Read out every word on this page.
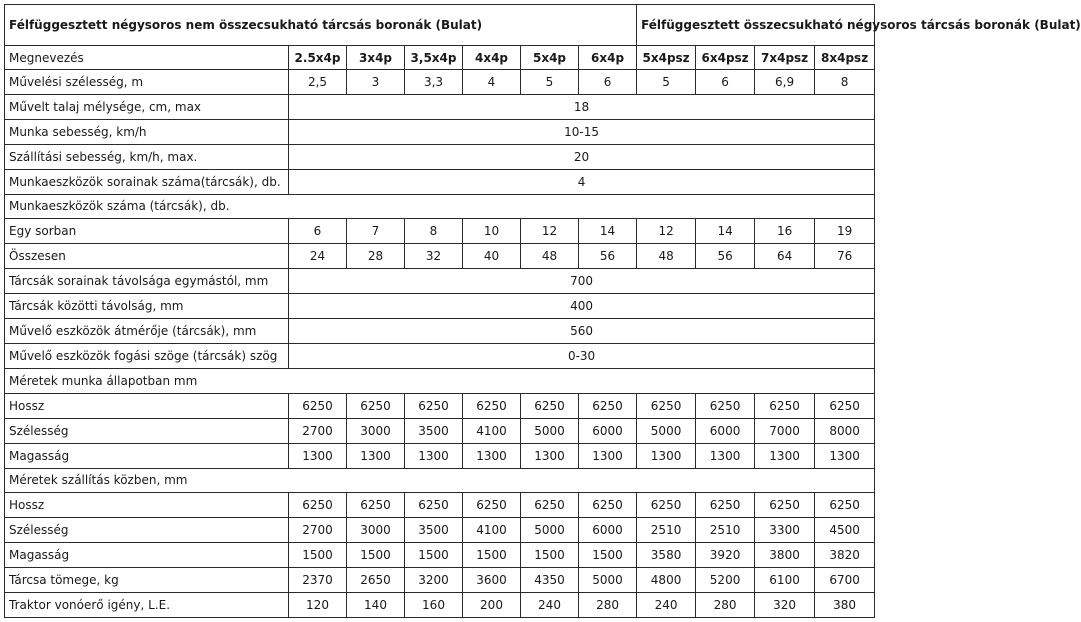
Félfüggesztett négysoros nem összecsukható tárcsás boronák (Bulat)							Félfüggesztett összecsukható négysoros tárcsás boronák (Bulat)			
Megnevezés	2.5x4p	3x4p	3,5x4p	4x4p	5x4p	6x4p	5x4psz	6x4psz	7x4psz	8x4psz
Művelési szélesség, m	2,5	3	3,3	4	5	6	5	6	6,9	8
Művelt talaj mélysége, cm, max	18									
Munka sebesség, km/h	10-15									
Szállítási sebesség, km/h, max.	20									
Munkaeszközök sorainak száma(tárcsák), db.	4									
Munkaeszközök száma (tárcsák), db.										
Egy sorban	6	7	8	10	12	14	12	14	16	19
Összesen	24	28	32	40	48	56	48	56	64	76
Tárcsák sorainak távolsága egymástól, mm	700									
Tárcsák közötti távolság, mm	400									
Művelő eszközök átmérője (tárcsák), mm	560									
Művelő eszközök fogási szöge (tárcsák) szög	0-30									
Méretek munka állapotban mm										
Hossz	6250	6250	6250	6250	6250	6250	6250	6250	6250	6250
Szélesség	2700	3000	3500	4100	5000	6000	5000	6000	7000	8000
Magasság	1300	1300	1300	1300	1300	1300	1300	1300	1300	1300
Méretek szállítás közben, mm										
Hossz	6250	6250	6250	6250	6250	6250	6250	6250	6250	6250
Szélesség	2700	3000	3500	4100	5000	6000	2510	2510	3300	4500
Magasság	1500	1500	1500	1500	1500	1500	3580	3920	3800	3820
Tárcsa tömege, kg	2370	2650	3200	3600	4350	5000	4800	5200	6100	6700
Traktor vonóerő igény, L.E.	120	140	160	200	240	280	240	280	320	380
